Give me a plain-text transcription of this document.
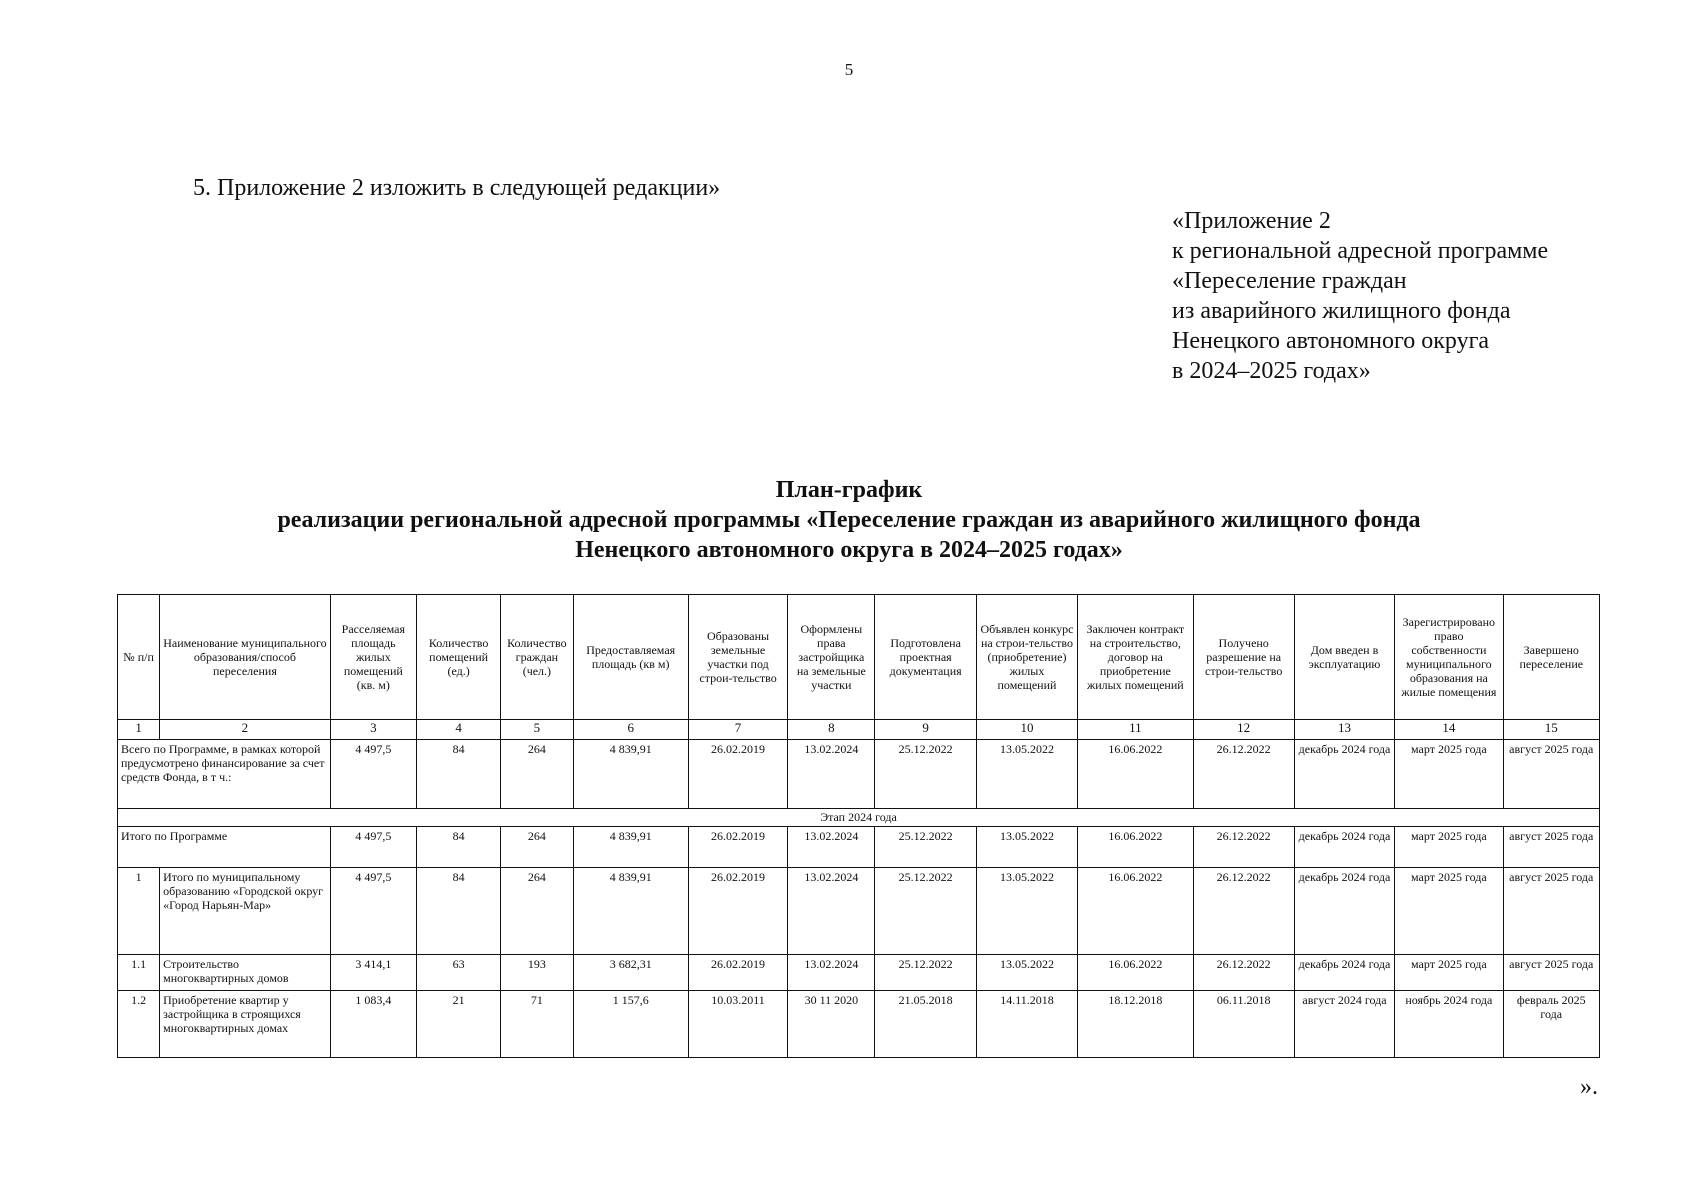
5
5. Приложение 2 изложить в следующей редакции»
«Приложение 2
к региональной адресной программе
«Переселение граждан
из аварийного жилищного фонда
Ненецкого автономного округа
в 2024–2025 годах»
План-график
реализации региональной адресной программы «Переселение граждан из аварийного жилищного фонда
Ненецкого автономного округа в 2024–2025 годах»
№ п/п	Наименование муниципального образования/способ переселения	Расселяемая площадь жилых помещений (кв. м)	Количество помещений (ед.)	Количество граждан (чел.)	Предоставляемая площадь (кв м)	Образованы земельные участки под строи-тельство	Оформлены права застройщика на земельные участки	Подготовлена проектная документация	Объявлен конкурс на строи-тельство (приобретение) жилых помещений	Заключен контракт на строительство, договор на приобретение жилых помещений	Получено разрешение на строи-тельство	Дом введен в эксплуатацию	Зарегистрировано право собственности муниципального образования на жилые помещения	Завершено переселение
1	2	3	4	5	6	7	8	9	10	11	12	13	14	15
Всего по Программе, в рамках которой предусмотрено финансирование за счет средств Фонда, в т ч.:		4 497,5	84	264	4 839,91	26.02.2019	13.02.2024	25.12.2022	13.05.2022	16.06.2022	26.12.2022	декабрь 2024 года	март 2025 года	август 2025 года
Этап 2024 года														
Итого по Программе		4 497,5	84	264	4 839,91	26.02.2019	13.02.2024	25.12.2022	13.05.2022	16.06.2022	26.12.2022	декабрь 2024 года	март 2025 года	август 2025 года
1	Итого по муниципальному образованию «Городской округ «Город Нарьян-Мар»	4 497,5	84	264	4 839,91	26.02.2019	13.02.2024	25.12.2022	13.05.2022	16.06.2022	26.12.2022	декабрь 2024 года	март 2025 года	август 2025 года
1.1	Строительство многоквартирных домов	3 414,1	63	193	3 682,31	26.02.2019	13.02.2024	25.12.2022	13.05.2022	16.06.2022	26.12.2022	декабрь 2024 года	март 2025 года	август 2025 года
1.2	Приобретение квартир у застройщика в строящихся многоквартирных домах	1 083,4	21	71	1 157,6	10.03.2011	30 11 2020	21.05.2018	14.11.2018	18.12.2018	06.11.2018	август 2024 года	ноябрь 2024 года	февраль 2025 года
».
